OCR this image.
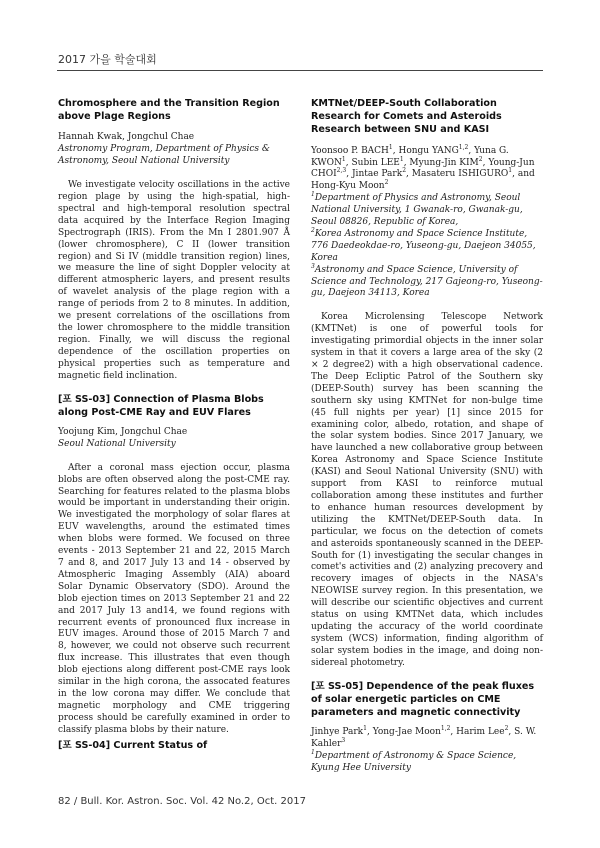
2017 가을 학술대회

Chromosphere and the Transition Region above Plage Regions

Hannah Kwak, Jongchul Chae

Astronomy Program, Department of Physics & Astronomy, Seoul National University

We investigate velocity oscillations in the active region plage by using the high-spatial, high-spectral and high-temporal resolution spectral data acquired by the Interface Region Imaging Spectrograph (IRIS). From the Mn I 2801.907 Å (lower chromosphere), C II (lower transition region) and Si IV (middle transition region) lines, we measure the line of sight Doppler velocity at different atmospheric layers, and present results of wavelet analysis of the plage region with a range of periods from 2 to 8 minutes. In addition, we present correlations of the oscillations from the lower chromosphere to the middle transition region. Finally, we will discuss the regional dependence of the oscillation properties on physical properties such as temperature and magnetic field inclination.

[포 SS-03] Connection of Plasma Blobs along Post-CME Ray and EUV Flares

Yoojung Kim, Jongchul Chae

Seoul National University

After a coronal mass ejection occur, plasma blobs are often observed along the post-CME ray. Searching for features related to the plasma blobs would be important in understanding their origin. We investigated the morphology of solar flares at EUV wavelengths, around the estimated times when blobs were formed. We focused on three events - 2013 September 21 and 22, 2015 March 7 and 8, and 2017 July 13 and 14 - observed by Atmospheric Imaging Assembly (AIA) aboard Solar Dynamic Observatory (SDO). Around the blob ejection times on 2013 September 21 and 22 and 2017 July 13 and14, we found regions with recurrent events of pronounced flux increase in EUV images. Around those of 2015 March 7 and 8, however, we could not observe such recurrent flux increase. This illustrates that even though blob ejections along different post-CME rays look similar in the high corona, the assocated features in the low corona may differ. We conclude that magnetic morphology and CME triggering process should be carefully examined in order to classify plasma blobs by their nature.

[포 SS-04] Current Status of

KMTNet/DEEP-South Collaboration Research for Comets and Asteroids Research between SNU and KASI

Yoonsoo P. BACH$^1$, Hongu YANG$^{1,2}$, Yuna G. KWON$^1$, Subin LEE$^1$, Myung-Jin KIM$^2$, Young-Jun CHOI$^{2,3}$, Jintae Park$^2$, Masateru ISHIGURO$^1$, and Hong-Kyu Moon$^2$

$^1$Department of Physics and Astronomy, Seoul National University, 1 Gwanak-ro, Gwanak-gu, Seoul 08826, Republic of Korea,

$^2$Korea Astronomy and Space Science Institute, 776 Daedeokdae-ro, Yuseong-gu, Daejeon 34055, Korea

$^3$Astronomy and Space Science, University of Science and Technology, 217 Gajeong-ro, Yuseong-gu, Daejeon 34113, Korea

Korea Microlensing Telescope Network (KMTNet) is one of powerful tools for investigating primordial objects in the inner solar system in that it covers a large area of the sky (2 × 2 degree2) with a high observational cadence. The Deep Ecliptic Patrol of the Southern sky (DEEP-South) survey has been scanning the southern sky using KMTNet for non-bulge time (45 full nights per year) [1] since 2015 for examining color, albedo, rotation, and shape of the solar system bodies. Since 2017 January, we have launched a new collaborative group between Korea Astronomy and Space Science Institute (KASI) and Seoul National University (SNU) with support from KASI to reinforce mutual collaboration among these institutes and further to enhance human resources development by utilizing the KMTNet/DEEP-South data. In particular, we focus on the detection of comets and asteroids spontaneously scanned in the DEEP-South for (1) investigating the secular changes in comet's activities and (2) analyzing precovery and recovery images of objects in the NASA's NEOWISE survey region. In this presentation, we will describe our scientific objectives and current status on using KMTNet data, which includes updating the accuracy of the world coordinate system (WCS) information, finding algorithm of solar system bodies in the image, and doing non-sidereal photometry.

[포 SS-05] Dependence of the peak fluxes of solar energetic particles on CME parameters and magnetic connectivity

Jinhye Park$^1$, Yong-Jae Moon$^{1,2}$, Harim Lee$^2$, S. W. Kahler$^3$

$^1$Department of Astronomy & Space Science, Kyung Hee University

82 / Bull. Kor. Astron. Soc. Vol. 42 No.2, Oct. 2017
